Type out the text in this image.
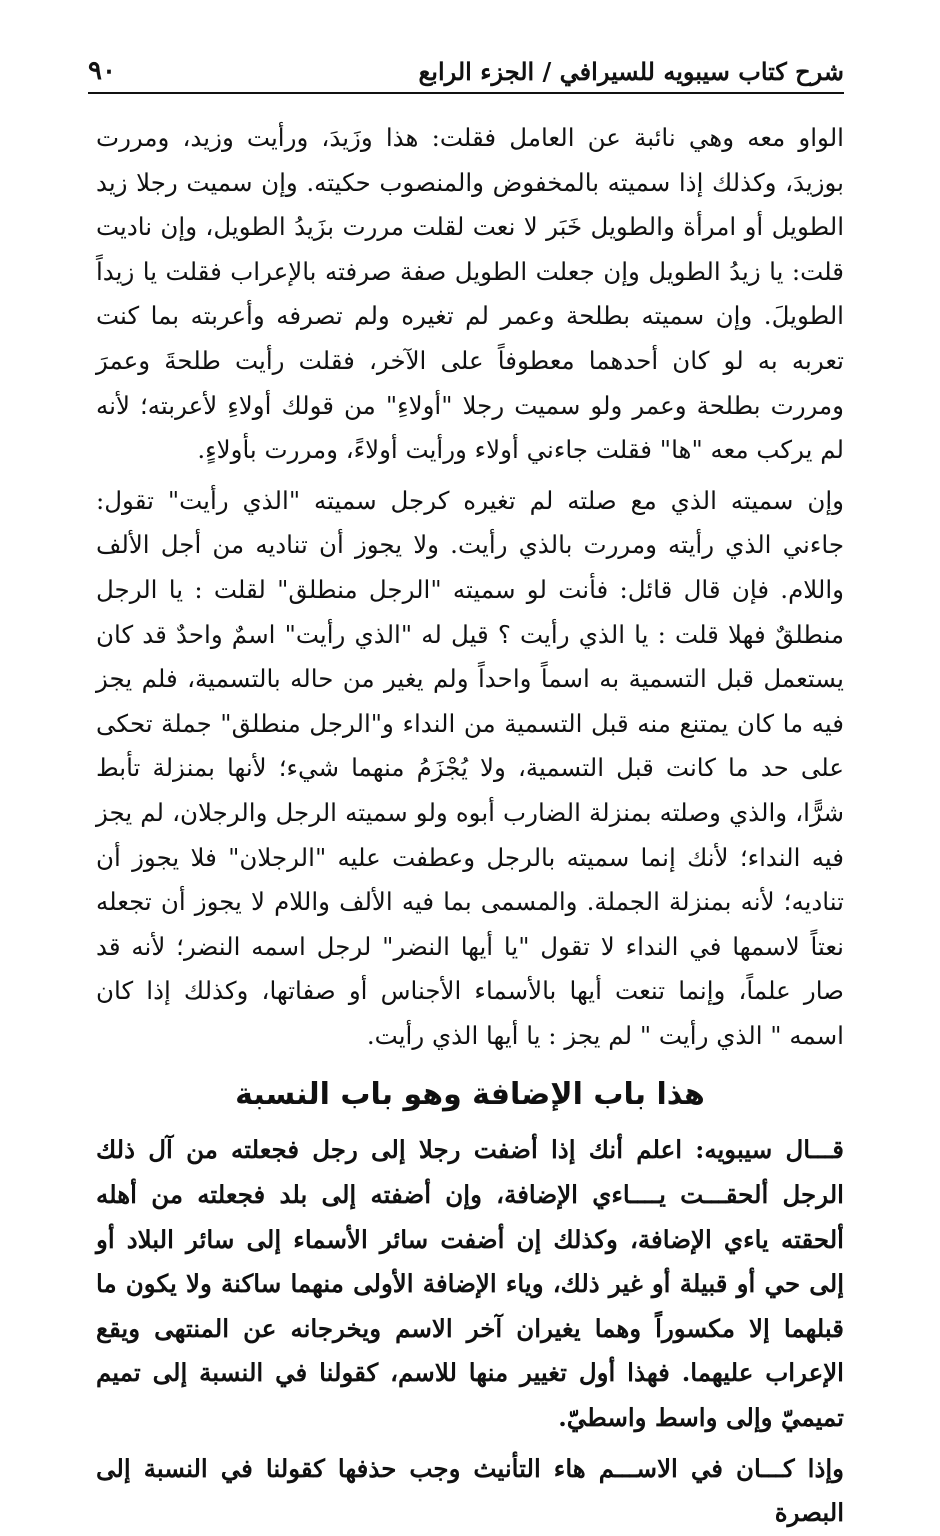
٩٠	شرح كتاب سيبويه للسيرافي / الجزء الرابع

الواو معه وهي نائبة عن العامل فقلت: هذا وزَيدَ، ورأيت وزيد، ومررت بوزيدَ، وكذلك إذا سميته بالمخفوض والمنصوب حكيته. وإن سميت رجلا زيد الطويل أو امرأة والطويل خَبَر لا نعت لقلت مررت بزَيدُ الطويل، وإن ناديت قلت: يا زيدُ الطويل وإن جعلت الطويل صفة صرفته بالإعراب فقلت يا زيداً الطويلَ. وإن سميته بطلحة وعمر لم تغيره ولم تصرفه وأعربته بما كنت تعربه به لو كان أحدهما معطوفاً على الآخر، فقلت رأيت طلحةَ وعمرَ ومررت بطلحة وعمر ولو سميت رجلا "أولاءِ" من قولك أولاءِ لأعربته؛ لأنه لم يركب معه "ها" فقلت جاءني أولاء ورأيت أولاءً، ومررت بأولاءٍ.

وإن سميته الذي مع صلته لم تغيره كرجل سميته "الذي رأيت" تقول: جاءني الذي رأيته ومررت بالذي رأيت. ولا يجوز أن تناديه من أجل الألف واللام. فإن قال قائل: فأنت لو سميته "الرجل منطلق" لقلت : يا الرجل منطلقٌ فهلا قلت : يا الذي رأيت ؟ قيل له "الذي رأيت" اسمٌ واحدٌ قد كان يستعمل قبل التسمية به اسماً واحداً ولم يغير من حاله بالتسمية، فلم يجز فيه ما كان يمتنع منه قبل التسمية من النداء و"الرجل منطلق" جملة تحكى على حد ما كانت قبل التسمية، ولا يُجْزَمُ منهما شيء؛ لأنها بمنزلة تأبط شرًّا، والذي وصلته بمنزلة الضارب أبوه ولو سميته الرجل والرجلان، لم يجز فيه النداء؛ لأنك إنما سميته بالرجل وعطفت عليه "الرجلان" فلا يجوز أن تناديه؛ لأنه بمنزلة الجملة. والمسمى بما فيه الألف واللام لا يجوز أن تجعله نعتاً لاسمها في النداء لا تقول "يا أيها النضر" لرجل اسمه النضر؛ لأنه قد صار علماً، وإنما تنعت أيها بالأسماء الأجناس أو صفاتها، وكذلك إذا كان اسمه " الذي رأيت " لم يجز : يا أيها الذي رأيت.

هذا باب الإضافة وهو باب النسبة

قـــال سيبويه: اعلم أنك إذا أضفت رجلا إلى رجل فجعلته من آل ذلك الرجل ألحقـــت يــــاءي الإضافة، وإن أضفته إلى بلد فجعلته من أهله ألحقته ياءي الإضافة، وكذلك إن أضفت سائر الأسماء إلى سائر البلاد أو إلى حي أو قبيلة أو غير ذلك، وياء الإضافة الأولى منهما ساكنة ولا يكون ما قبلهما إلا مكسوراً وهما يغيران آخر الاسم ويخرجانه عن المنتهى ويقع الإعراب عليهما. فهذا أول تغيير منها للاسم، كقولنا في النسبة إلى تميم تميميّ وإلى واسط واسطيّ.

وإذا كـــان في الاســـم هاء التأنيث وجب حذفها كقولنا في النسبة إلى البصرة
